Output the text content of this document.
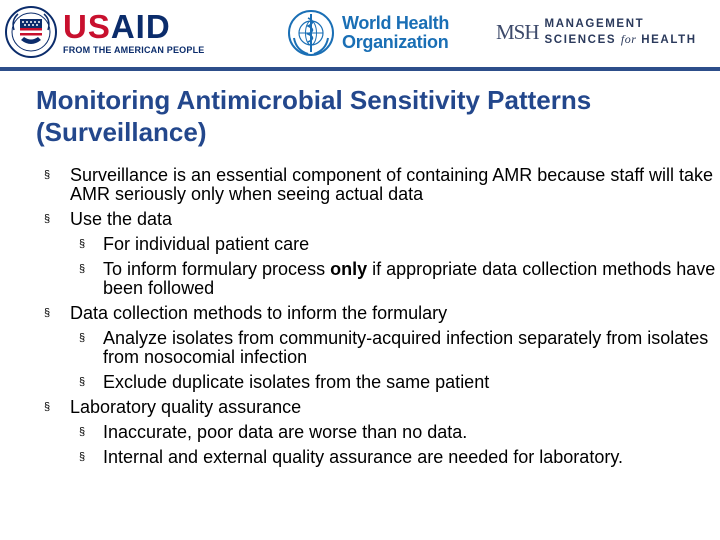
USAID
FROM THE AMERICAN PEOPLE
World Health
Organization MSH MANAGEMENT
SCIENCES for HEALTH
Monitoring Antimicrobial Sensitivity Patterns (Surveillance)
§ Surveillance is an essential component of containing AMR because staff will take AMR seriously only when seeing actual data
§ Use the data
§ For individual patient care
§ To inform formulary process only if appropriate data collection methods have been followed
§ Data collection methods to inform the formulary
§ Analyze isolates from community-acquired infection separately from isolates from nosocomial infection
§ Exclude duplicate isolates from the same patient
§ Laboratory quality assurance
§ Inaccurate, poor data are worse than no data.
§ Internal and external quality assurance are needed for laboratory.
